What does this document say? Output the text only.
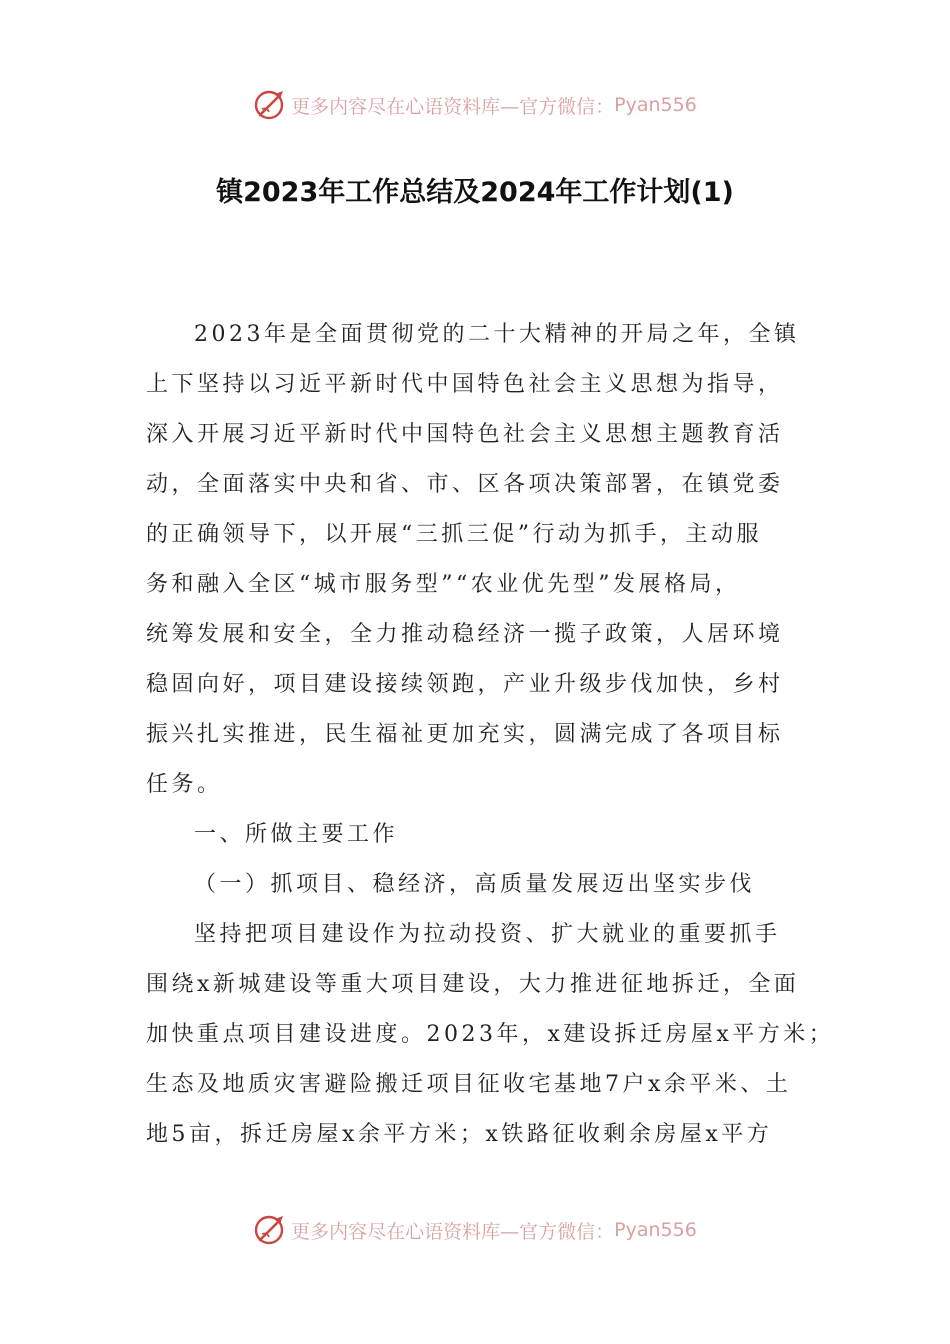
更多内容尽在心语资料库—官方微信： Pyan556
镇2023年工作总结及2024年工作计划(1)
2023年是全面贯彻党的二十大精神的开局之年，全镇
上下坚持以习近平新时代中国特色社会主义思想为指导，
深入开展习近平新时代中国特色社会主义思想主题教育活
动，全面落实中央和省、市、区各项决策部署，在镇党委
的正确领导下，以开展“三抓三促”行动为抓手，主动服
务和融入全区“城市服务型”“农业优先型”发展格局，
统筹发展和安全，全力推动稳经济一揽子政策，人居环境
稳固向好，项目建设接续领跑，产业升级步伐加快，乡村
振兴扎实推进，民生福祉更加充实，圆满完成了各项目标
任务。
一、所做主要工作
（一）抓项目、稳经济，高质量发展迈出坚实步伐
坚持把项目建设作为拉动投资、扩大就业的重要抓手
围绕x新城建设等重大项目建设，大力推进征地拆迁，全面
加快重点项目建设进度。2023年，x建设拆迁房屋x平方米；
生态及地质灾害避险搬迁项目征收宅基地7户x余平米、土
地5亩，拆迁房屋x余平方米；x铁路征收剩余房屋x平方
更多内容尽在心语资料库—官方微信： Pyan556
